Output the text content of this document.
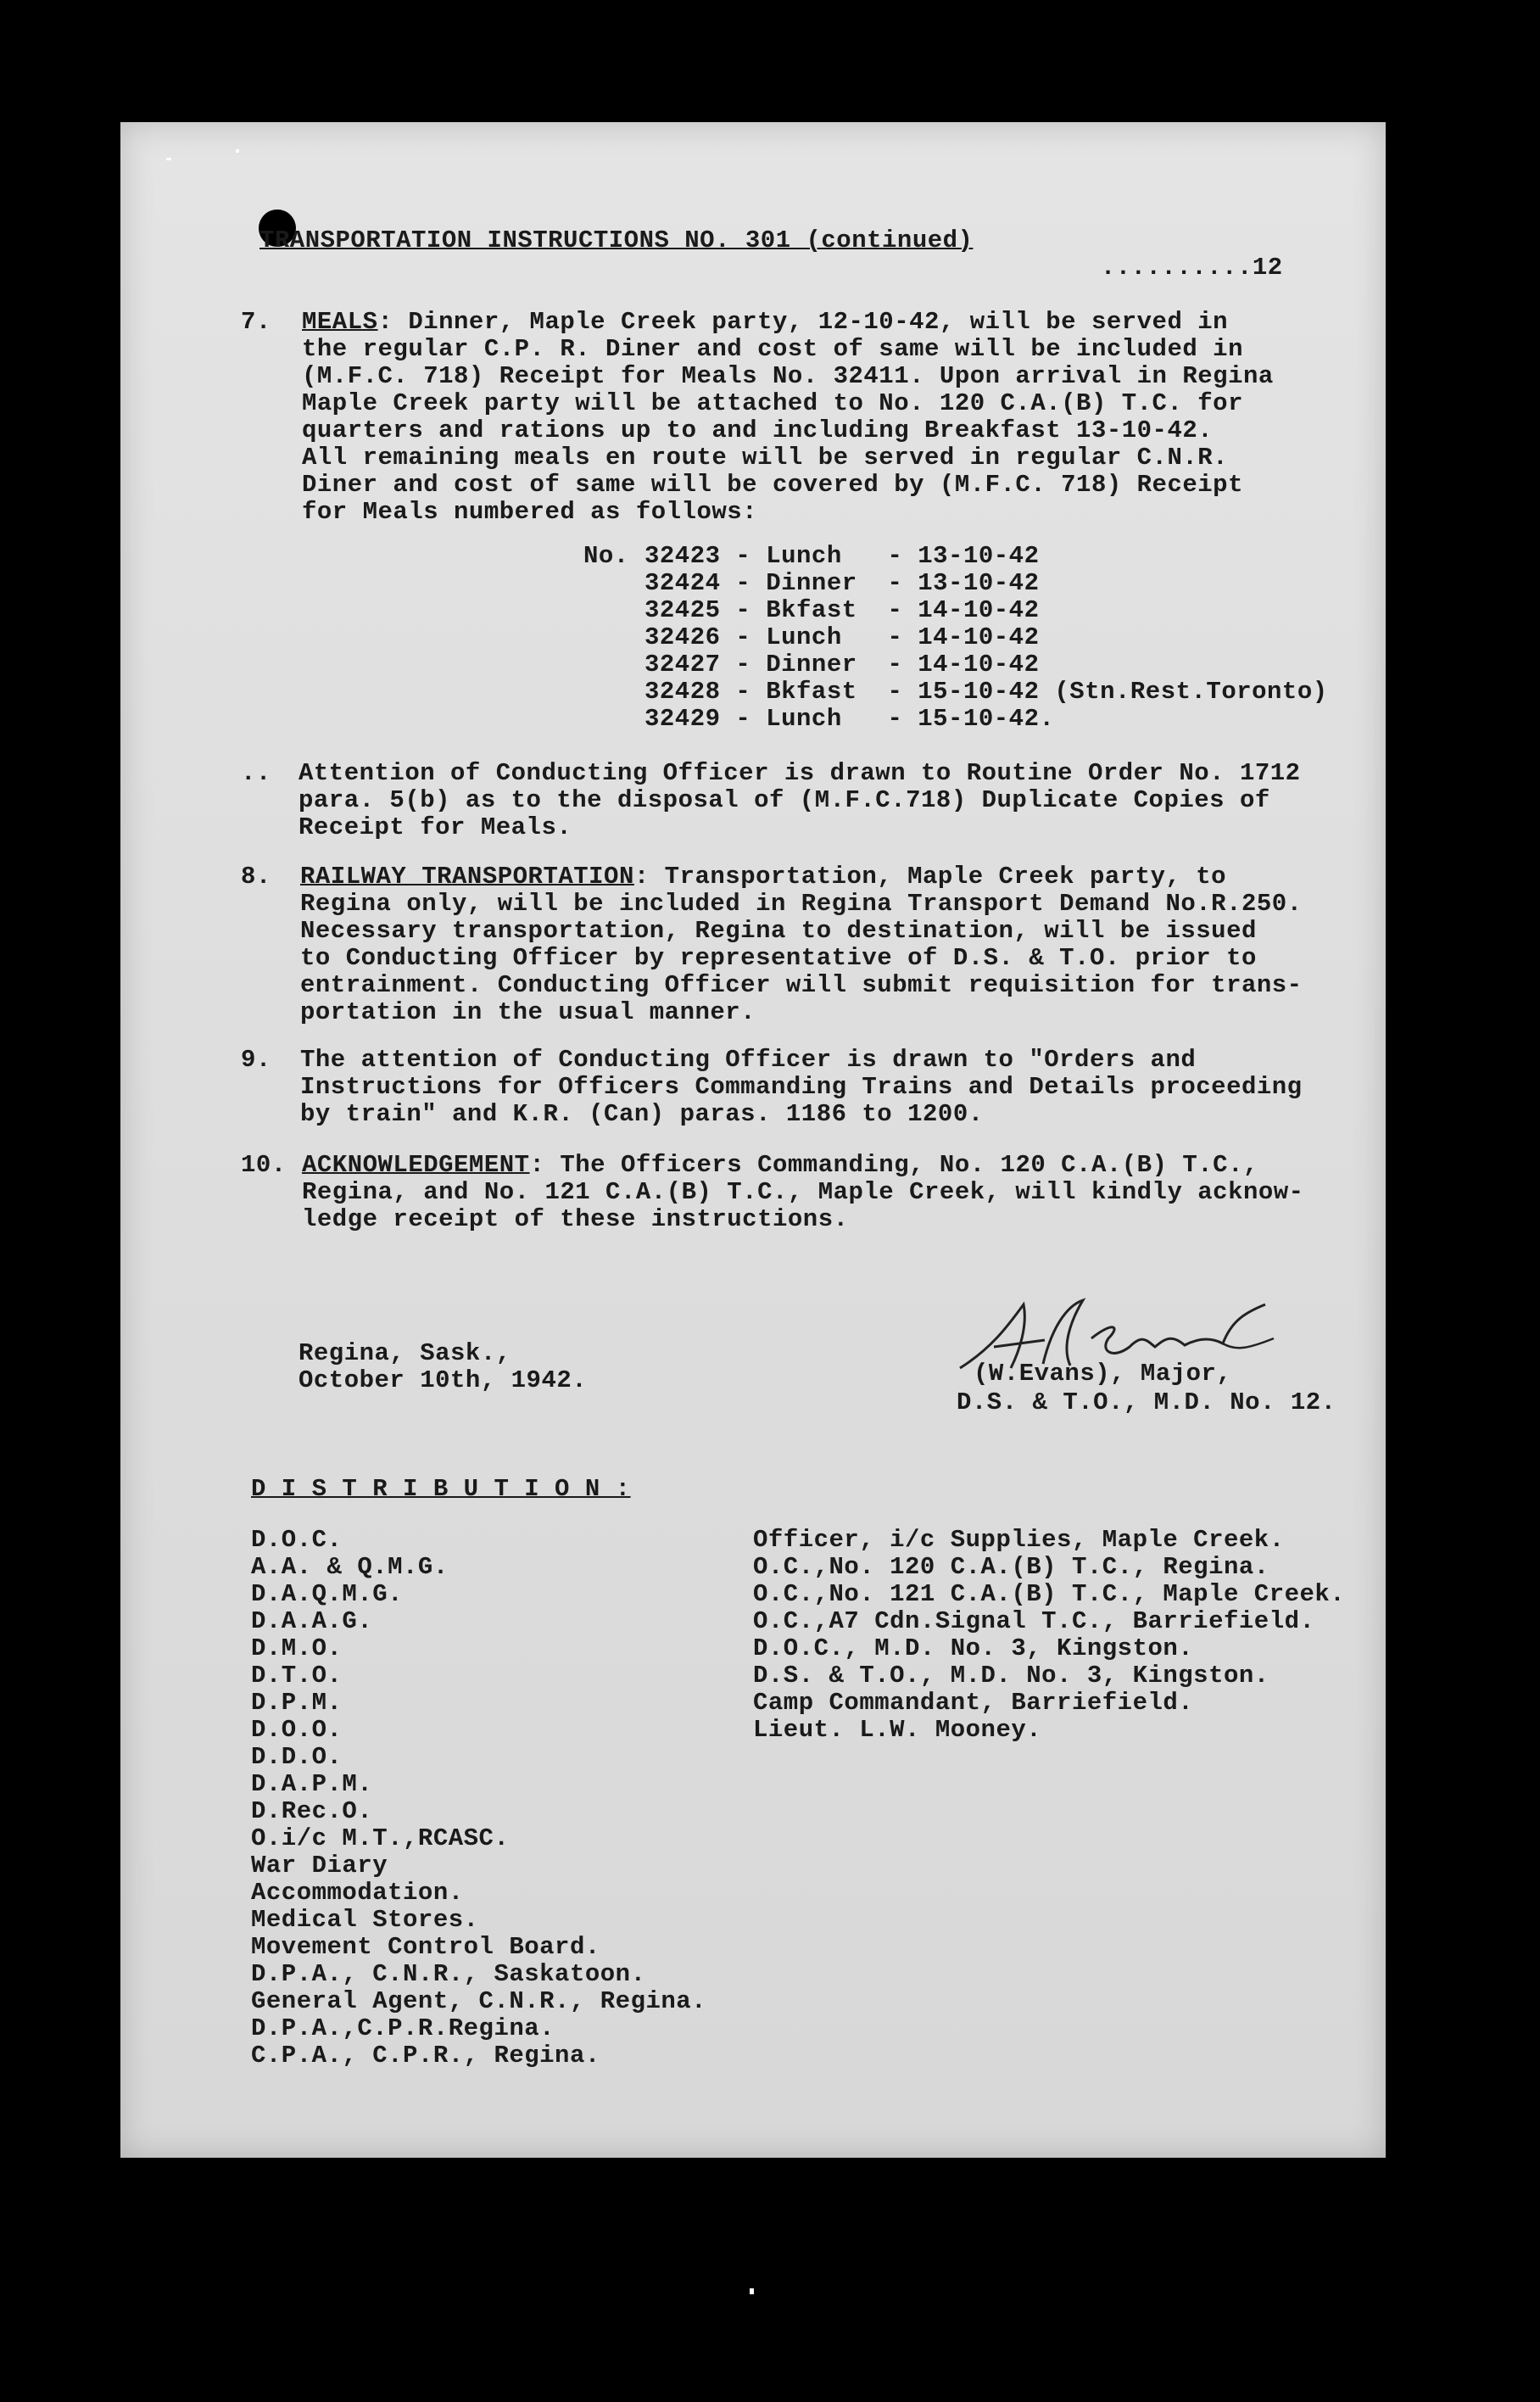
TRANSPORTATION INSTRUCTIONS NO. 301 (continued)

..........12

7. MEALS: Dinner, Maple Creek party, 12-10-42, will be served in
the regular C.P. R. Diner and cost of same will be included in
(M.F.C. 718) Receipt for Meals No. 32411. Upon arrival in Regina
Maple Creek party will be attached to No. 120 C.A.(B) T.C. for
quarters and rations up to and including Breakfast 13-10-42.
All remaining meals en route will be served in regular C.N.R.
Diner and cost of same will be covered by (M.F.C. 718) Receipt
for Meals numbered as follows:
No. 32423 - Lunch   - 13-10-42
32424 - Dinner  - 13-10-42
32425 - Bkfast  - 14-10-42
32426 - Lunch   - 14-10-42
32427 - Dinner  - 14-10-42
32428 - Bkfast  - 15-10-42 (Stn.Rest.Toronto)
32429 - Lunch   - 15-10-42.
.. Attention of Conducting Officer is drawn to Routine Order No. 1712
para. 5(b) as to the disposal of (M.F.C.718) Duplicate Copies of
Receipt for Meals.
8. RAILWAY TRANSPORTATION: Transportation, Maple Creek party, to
Regina only, will be included in Regina Transport Demand No.R.250.
Necessary transportation, Regina to destination, will be issued
to Conducting Officer by representative of D.S. & T.O. prior to
entrainment. Conducting Officer will submit requisition for trans-
portation in the usual manner.
9. The attention of Conducting Officer is drawn to "Orders and
Instructions for Officers Commanding Trains and Details proceeding
by train" and K.R. (Can) paras. 1186 to 1200.
10. ACKNOWLEDGEMENT: The Officers Commanding, No. 120 C.A.(B) T.C.,
Regina, and No. 121 C.A.(B) T.C., Maple Creek, will kindly acknow-
ledge receipt of these instructions.
Regina, Sask.,
October 10th, 1942.	(W.Evans), Major,
D.S. & T.O., M.D. No. 12.
D I S T R I B U T I O N :
D.O.C.
A.A. & Q.M.G.
D.A.Q.M.G.
D.A.A.G.
D.M.O.
D.T.O.
D.P.M.
D.O.O.
D.D.O.
D.A.P.M.
D.Rec.O.
O.i/c M.T.,RCASC.
War Diary
Accommodation.
Medical Stores.
Movement Control Board.
D.P.A., C.N.R., Saskatoon.
General Agent, C.N.R., Regina.
D.P.A.,C.P.R.Regina.
C.P.A., C.P.R., Regina.
Officer, i/c Supplies, Maple Creek.
O.C.,No. 120 C.A.(B) T.C., Regina.
O.C.,No. 121 C.A.(B) T.C., Maple Creek.
O.C.,A7 Cdn.Signal T.C., Barriefield.
D.O.C., M.D. No. 3, Kingston.
D.S. & T.O., M.D. No. 3, Kingston.
Camp Commandant, Barriefield.
Lieut. L.W. Mooney.
